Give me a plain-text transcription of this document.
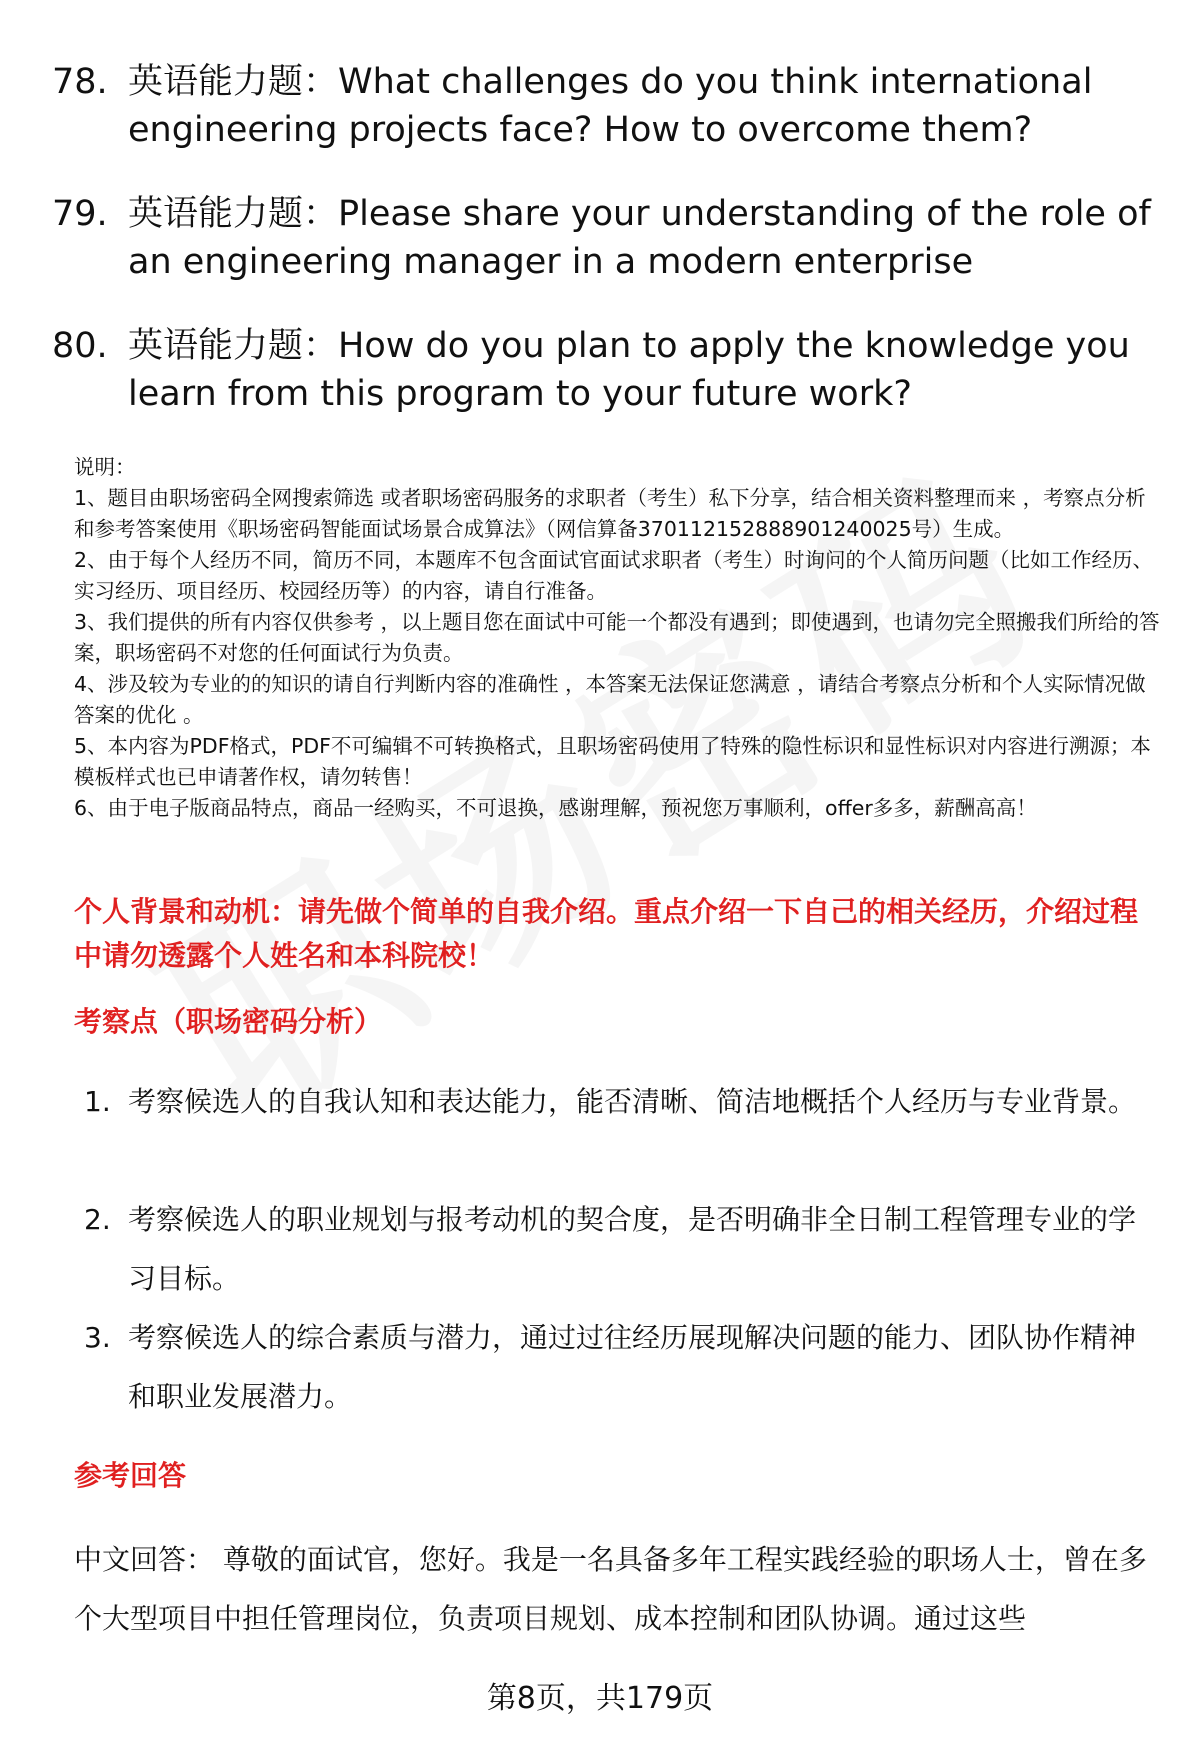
78. 英语能力题：What challenges do you think international engineering projects face? How to overcome them?
79. 英语能力题：Please share your understanding of the role of an engineering manager in a modern enterprise
80. 英语能力题：How do you plan to apply the knowledge you learn from this program to your future work?
说明：
1、题目由职场密码全网搜索筛选 或者职场密码服务的求职者（考生）私下分享，结合相关资料整理而来 ，考察点分析和参考答案使用《职场密码智能面试场景合成算法》（网信算备370112152888901240025号）生成。
2、由于每个人经历不同，简历不同，本题库不包含面试官面试求职者（考生）时询问的个人简历问题（比如工作经历、实习经历、项目经历、校园经历等）的内容，请自行准备。
3、我们提供的所有内容仅供参考 ，以上题目您在面试中可能一个都没有遇到；即使遇到，也请勿完全照搬我们所给的答案，职场密码不对您的任何面试行为负责。
4、涉及较为专业的的知识的请自行判断内容的准确性 ，本答案无法保证您满意 ，请结合考察点分析和个人实际情况做答案的优化 。
5、本内容为PDF格式，PDF不可编辑不可转换格式，且职场密码使用了特殊的隐性标识和显性标识对内容进行溯源；本模板样式也已申请著作权，请勿转售！
6、由于电子版商品特点，商品一经购买，不可退换，感谢理解，预祝您万事顺利，offer多多，薪酬高高！
个人背景和动机：请先做个简单的自我介绍。重点介绍一下自己的相关经历，介绍过程中请勿透露个人姓名和本科院校！
考察点（职场密码分析）
1. 考察候选人的自我认知和表达能力，能否清晰、简洁地概括个人经历与专业背景。
2. 考察候选人的职业规划与报考动机的契合度，是否明确非全日制工程管理专业的学习目标。
3. 考察候选人的综合素质与潜力，通过过往经历展现解决问题的能力、团队协作精神和职业发展潜力。
参考回答
中文回答： 尊敬的面试官，您好。我是一名具备多年工程实践经验的职场人士，曾在多个大型项目中担任管理岗位，负责项目规划、成本控制和团队协调。通过这些
第8页，共179页
